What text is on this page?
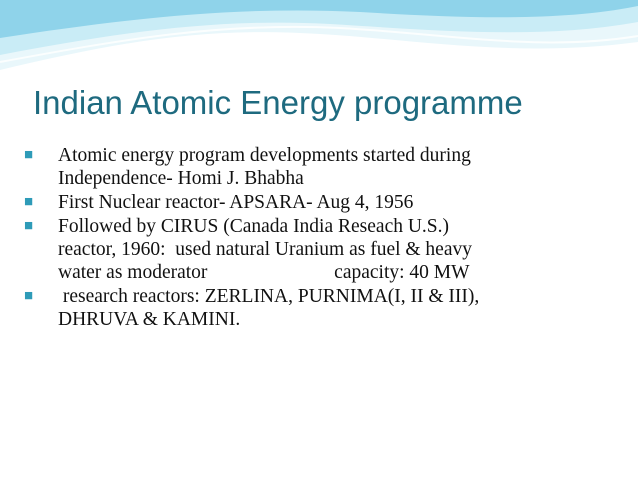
Indian Atomic Energy programme
■ Atomic energy program developments started during
Independence- Homi J. Bhabha
■ First Nuclear reactor- APSARA- Aug 4, 1956
■ Followed by CIRUS (Canada India Reseach U.S.)
reactor, 1960:  used natural Uranium as fuel & heavy
water as moderator                          capacity: 40 MW
■ research reactors: ZERLINA, PURNIMA(I, II & III),
DHRUVA & KAMINI.
